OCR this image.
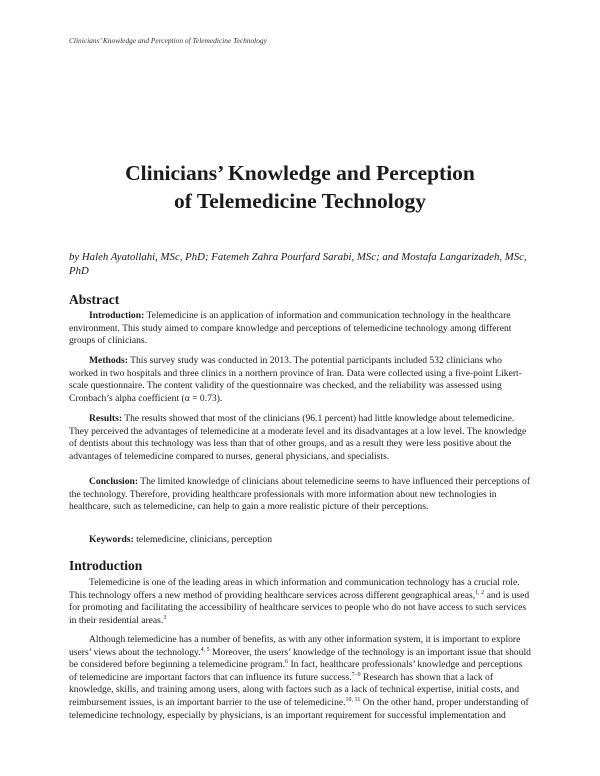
Clinicians’ Knowledge and Perception of Telemedicine Technology
Clinicians’ Knowledge and Perception
of Telemedicine Technology
by Haleh Ayatollahi, MSc, PhD; Fatemeh Zahra Pourfard Sarabi, MSc; and Mostafa Langarizadeh, MSc, PhD
Abstract

Introduction: Telemedicine is an application of information and communication technology in the healthcare environment. This study aimed to compare knowledge and perceptions of telemedicine technology among different groups of clinicians.

Methods: This survey study was conducted in 2013. The potential participants included 532 clinicians who worked in two hospitals and three clinics in a northern province of Iran. Data were collected using a five-point Likert-scale questionnaire. The content validity of the questionnaire was checked, and the reliability was assessed using Cronbach’s alpha coefficient (α = 0.73).

Results: The results showed that most of the clinicians (96.1 percent) had little knowledge about telemedicine. They perceived the advantages of telemedicine at a moderate level and its disadvantages at a low level. The knowledge of dentists about this technology was less than that of other groups, and as a result they were less positive about the advantages of telemedicine compared to nurses, general physicians, and specialists.

Conclusion: The limited knowledge of clinicians about telemedicine seems to have influenced their perceptions of the technology. Therefore, providing healthcare professionals with more information about new technologies in healthcare, such as telemedicine, can help to gain a more realistic picture of their perceptions.

Keywords: telemedicine, clinicians, perception

Introduction

Telemedicine is one of the leading areas in which information and communication technology has a crucial role. This technology offers a new method of providing healthcare services across different geographical areas,$^{1, 2}$ and is used for promoting and facilitating the accessibility of healthcare services to people who do not have access to such services in their residential areas.$^3$

Although telemedicine has a number of benefits, as with any other information system, it is important to explore users’ views about the technology.$^{4, 5}$ Moreover, the users’ knowledge of the technology is an important issue that should be considered before beginning a telemedicine program.$^6$ In fact, healthcare professionals’ knowledge and perceptions of telemedicine are important factors that can influence its future success.$^{7-9}$ Research has shown that a lack of knowledge, skills, and training among users, along with factors such as a lack of technical expertise, initial costs, and reimbursement issues, is an important barrier to the use of telemedicine.$^{10, 11}$ On the other hand, proper understanding of telemedicine technology, especially by physicians, is an important requirement for successful implementation and
